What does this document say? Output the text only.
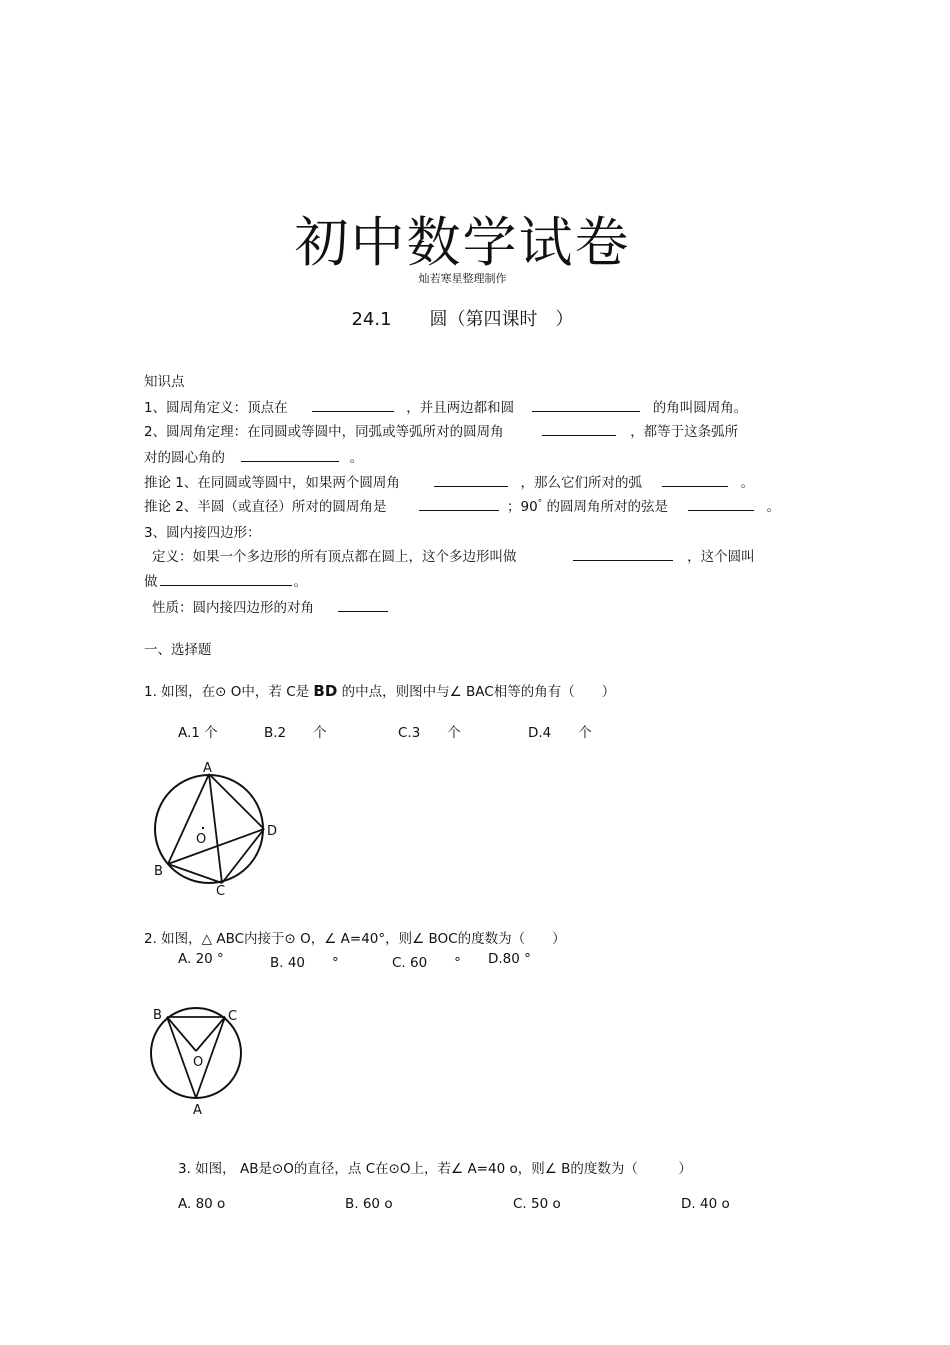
初中数学试卷
灿若寒星整理制作
24.1 圆（第四课时　）
知识点
1、圆周角定义：顶点在	，并且两边都和圆	的角叫圆周角。
2、圆周角定理：在同圆或等圆中，同弧或等弧所对的圆周角	，都等于这条弧所
对的圆心角的	。
推论 1、在同圆或等圆中，如果两个圆周角	，那么它们所对的弧	。
推论 2、半圆（或直径）所对的圆周角是	；90° 的圆周角所对的弦是	。
3、圆内接四边形：
定义：如果一个多边形的所有顶点都在圆上，这个多边形叫做	，这个圆叫
做	。
性质：圆内接四边形的对角
一、选择题
1. 如图，在⊙ O中，若 C是 BD 的中点，则图中与∠ BAC相等的角有（　　）
A.1 个	B.2　　个	C.3　　个	D.4　　个
A
B
C
D
O
2. 如图，△ ABC内接于⊙ O，∠ A=40°，则∠ BOC的度数为（　　）
A. 20 °	B. 40　　°	C. 60　　° D.80 °
B	C
O
A
3. 如图， AB是⊙O的直径，点 C在⊙O上，若∠ A=40 o，则∠ B的度数为（　　　）
A. 80 o	B. 60 o	C. 50 o	D. 40 o
